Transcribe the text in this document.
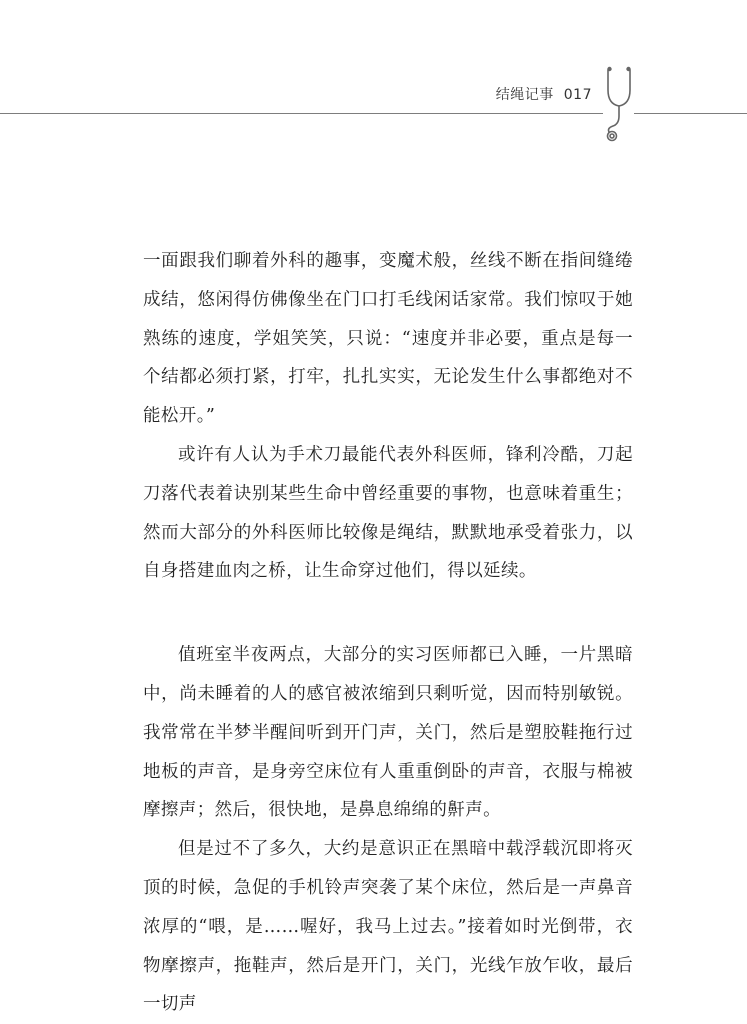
结绳记事 017

一面跟我们聊着外科的趣事，变魔术般，丝线不断在指间缝绻成结，悠闲得仿佛像坐在门口打毛线闲话家常。我们惊叹于她熟练的速度，学姐笑笑，只说：“速度并非必要，重点是每一个结都必须打紧，打牢，扎扎实实，无论发生什么事都绝对不能松开。”

或许有人认为手术刀最能代表外科医师，锋利冷酷，刀起刀落代表着诀别某些生命中曾经重要的事物，也意味着重生；然而大部分的外科医师比较像是绳结，默默地承受着张力，以自身搭建血肉之桥，让生命穿过他们，得以延续。

值班室半夜两点，大部分的实习医师都已入睡，一片黑暗中，尚未睡着的人的感官被浓缩到只剩听觉，因而特别敏锐。我常常在半梦半醒间听到开门声，关门，然后是塑胶鞋拖行过地板的声音，是身旁空床位有人重重倒卧的声音，衣服与棉被摩擦声；然后，很快地，是鼻息绵绵的鼾声。

但是过不了多久，大约是意识正在黑暗中载浮载沉即将灭顶的时候，急促的手机铃声突袭了某个床位，然后是一声鼻音浓厚的“喂，是……喔好，我马上过去。”接着如时光倒带，衣物摩擦声，拖鞋声，然后是开门，关门，光线乍放乍收，最后一切声
